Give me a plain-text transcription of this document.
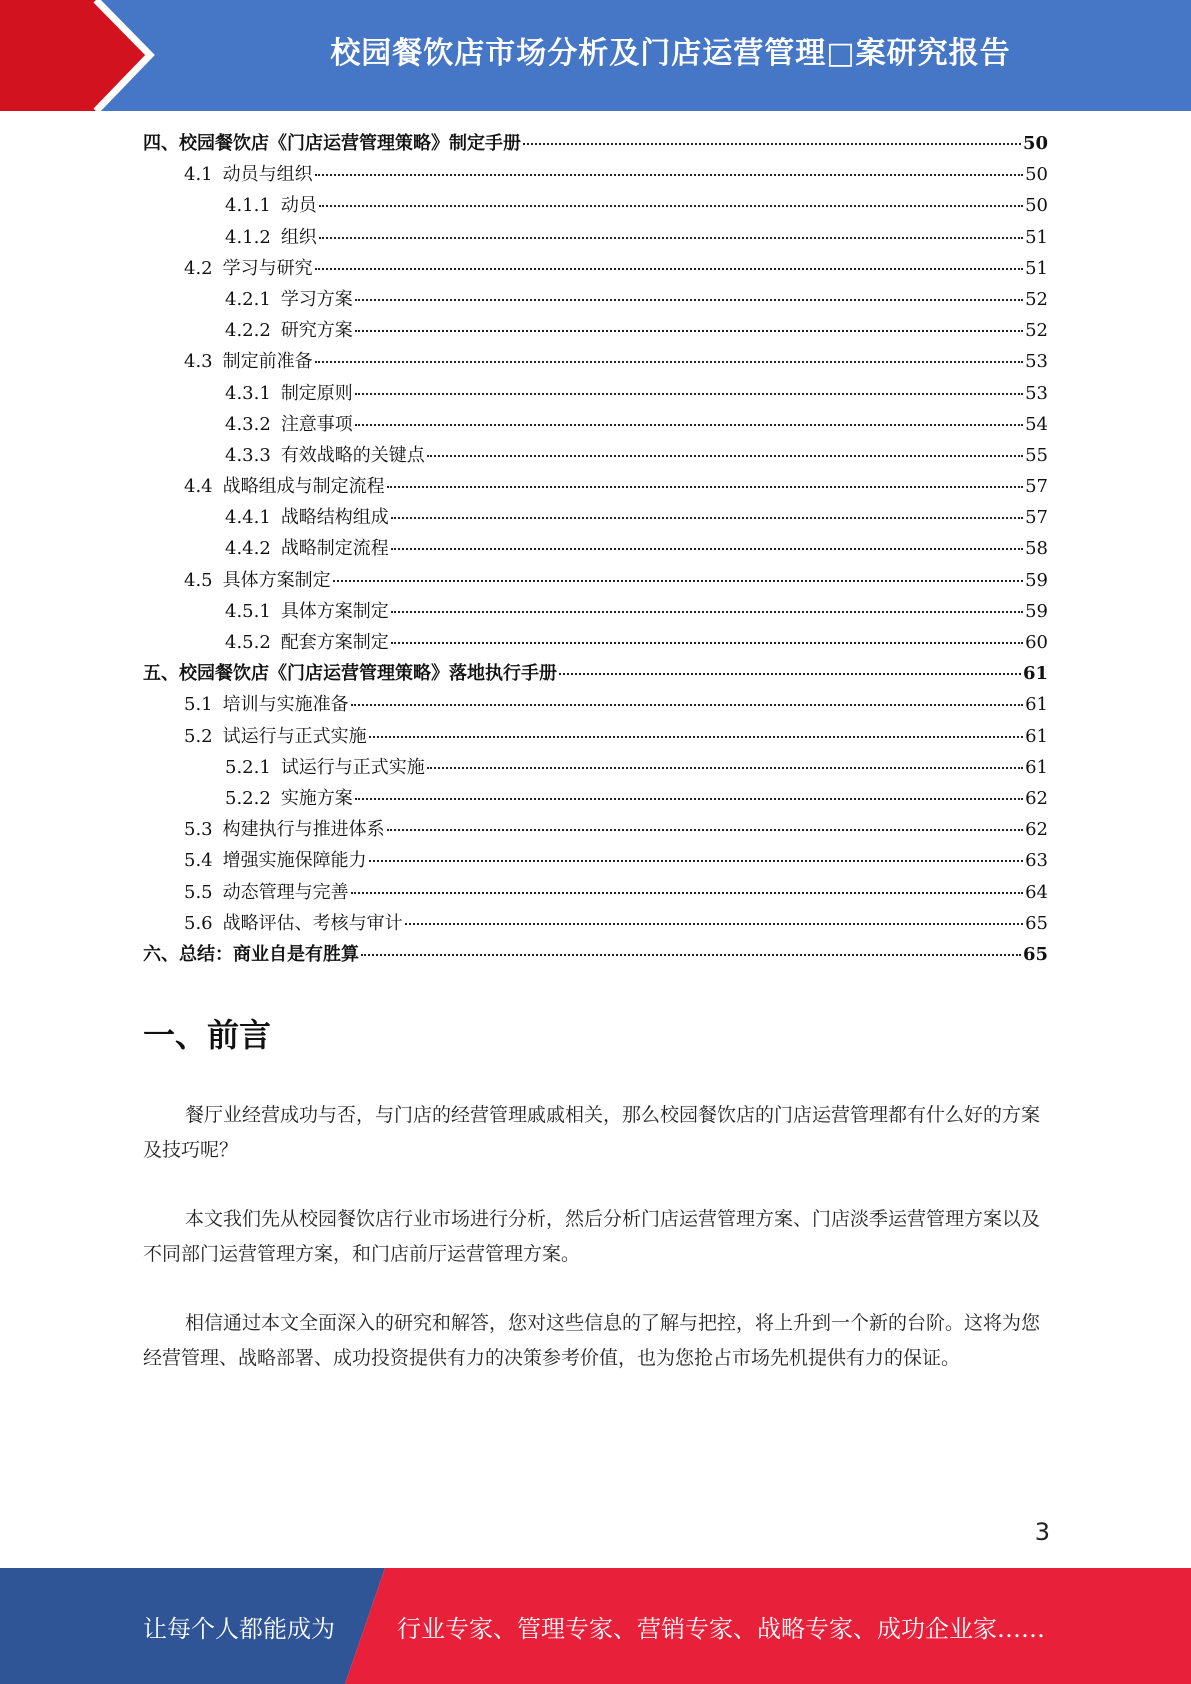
校园餐饮店市场分析及门店运营管理□案研究报告
四、校园餐饮店《门店运营管理策略》制定手册	50
4.1 动员与组织	50
4.1.1 动员	50
4.1.2 组织	51
4.2 学习与研究	51
4.2.1 学习方案	52
4.2.2 研究方案	52
4.3 制定前准备	53
4.3.1 制定原则	53
4.3.2 注意事项	54
4.3.3 有效战略的关键点	55
4.4 战略组成与制定流程	57
4.4.1 战略结构组成	57
4.4.2 战略制定流程	58
4.5 具体方案制定	59
4.5.1 具体方案制定	59
4.5.2 配套方案制定	60
五、校园餐饮店《门店运营管理策略》落地执行手册	61
5.1 培训与实施准备	61
5.2 试运行与正式实施	61
5.2.1 试运行与正式实施	61
5.2.2 实施方案	62
5.3 构建执行与推进体系	62
5.4 增强实施保障能力	63
5.5 动态管理与完善	64
5.6 战略评估、考核与审计	65
六、总结：商业自是有胜算	65
一、前言

餐厅业经营成功与否，与门店的经营管理戚戚相关，那么校园餐饮店的门店运营管理都有什么好的方案及技巧呢？

本文我们先从校园餐饮店行业市场进行分析，然后分析门店运营管理方案、门店淡季运营管理方案以及不同部门运营管理方案，和门店前厅运营管理方案。

相信通过本文全面深入的研究和解答，您对这些信息的了解与把控，将上升到一个新的台阶。这将为您经营管理、战略部署、成功投资提供有力的决策参考价值，也为您抢占市场先机提供有力的保证。

3
让每个人都能成为	行业专家、管理专家、营销专家、战略专家、成功企业家……
